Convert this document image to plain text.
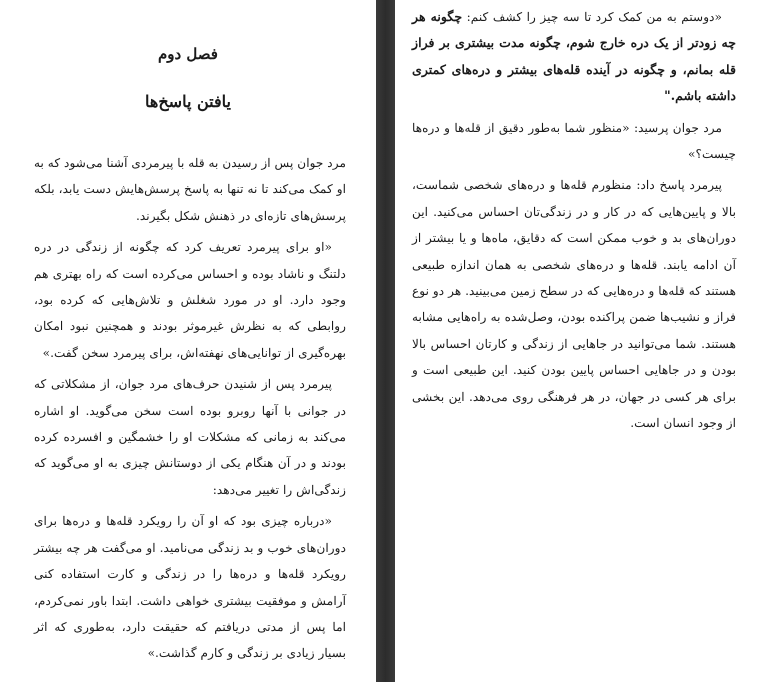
فصل دوم
یافتن پاسخ‌ها

مرد جوان پس از رسیدن به قله با پیرمردی آشنا می‌شود که به او کمک می‌کند تا نه تنها به پاسخ پرسش‌هایش دست یابد، بلکه پرسش‌های تازه‌ای در ذهنش شکل بگیرند.

«او برای پیرمرد تعریف کرد که چگونه از زندگی در دره دلتنگ و ناشاد بوده و احساس می‌کرده است که راه بهتری هم وجود دارد. او در مورد شغلش و تلاش‌هایی که کرده بود، روابطی که به نظرش غیرموثر بودند و همچنین نبود امکان بهره‌گیری از توانایی‌های نهفته‌اش، برای پیرمرد سخن گفت.»

پیرمرد پس از شنیدن حرف‌های مرد جوان، از مشکلاتی که در جوانی با آنها روبرو بوده است سخن می‌گوید. او اشاره می‌کند به زمانی که مشکلات او را خشمگین و افسرده کرده بودند و در آن هنگام یکی از دوستانش چیزی به او می‌گوید که زندگی‌اش را تغییر می‌دهد:

«درباره چیزی بود که او آن را رویکرد قله‌ها و دره‌ها برای دوران‌های خوب و بد زندگی می‌نامید. او می‌گفت هر چه بیشتر رویکرد قله‌ها و دره‌ها را در زندگی و کارت استفاده کنی آرامش و موفقیت بیشتری خواهی داشت. ابتدا باور نمی‌کردم، اما پس از مدتی دریافتم که حقیقت دارد، به‌طوری که اثر بسیار زیادی بر زندگی و کارم گذاشت.»

«دوستم به من کمک کرد تا سه چیز را کشف کنم: چگونه هر چه زودتر از یک دره خارج شوم، چگونه مدت بیشتری بر فراز قله بمانم، و چگونه در آینده قله‌های بیشتر و دره‌های کمتری داشته باشم."

مرد جوان پرسید: «منظور شما به‌طور دقیق از قله‌ها و دره‌ها چیست؟»

پیرمرد پاسخ داد: منظورم قله‌ها و دره‌های شخصی شماست، بالا و پایین‌هایی که در کار و در زندگی‌تان احساس می‌کنید. این دوران‌های بد و خوب ممکن است که دقایق، ماه‌ها و یا بیشتر از آن ادامه یابند. قله‌ها و دره‌های شخصی به همان اندازه طبیعی هستند که قله‌ها و دره‌هایی که در سطح زمین می‌بینید. هر دو نوع فراز و نشیب‌ها ضمن پراکنده بودن، وصل‌شده به راه‌هایی مشابه هستند. شما می‌توانید در جاهایی از زندگی و کارتان احساس بالا بودن و در جاهایی احساس پایین بودن کنید. این طبیعی است و برای هر کسی در جهان، در هر فرهنگی روی می‌دهد. این بخشی از وجود انسان است.
